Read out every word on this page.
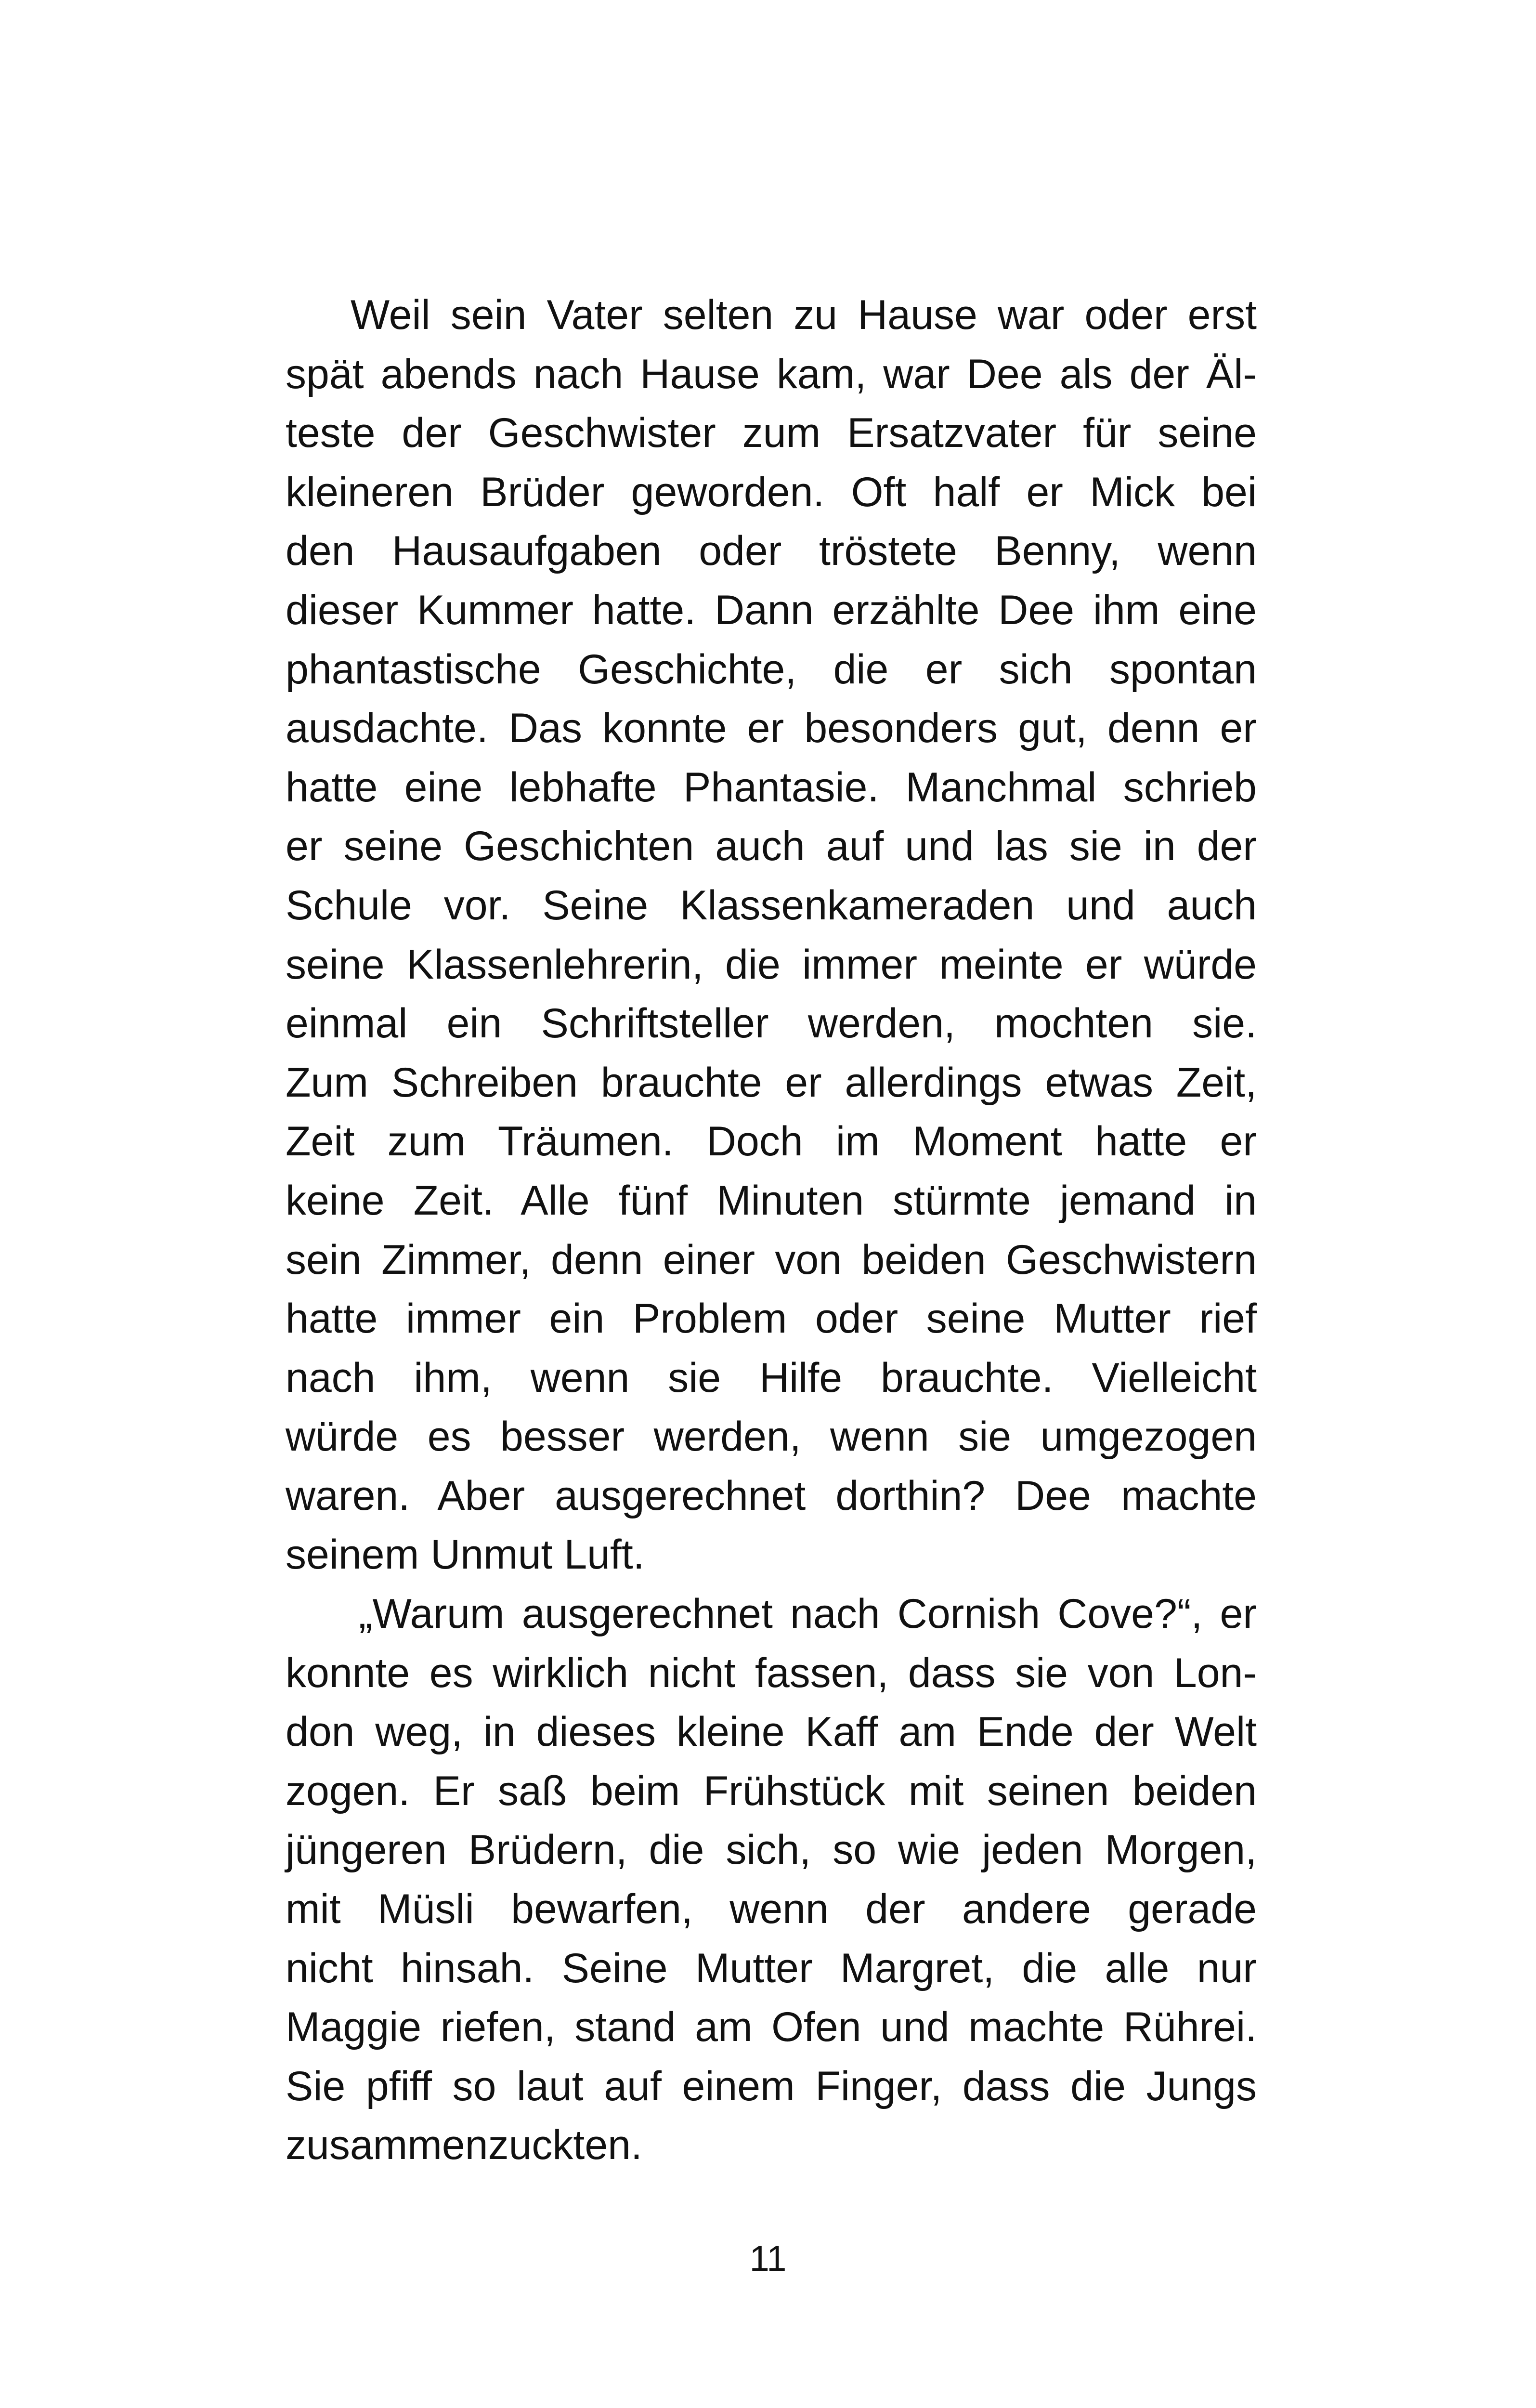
Weil sein Vater selten zu Hause war oder erst
spät abends nach Hause kam, war Dee als der Äl-
teste der Geschwister zum Ersatzvater für seine
kleineren Brüder geworden. Oft half er Mick bei
den Hausaufgaben oder tröstete Benny, wenn
dieser Kummer hatte. Dann erzählte Dee ihm eine
phantastische Geschichte, die er sich spontan
ausdachte. Das konnte er besonders gut, denn er
hatte eine lebhafte Phantasie. Manchmal schrieb
er seine Geschichten auch auf und las sie in der
Schule vor. Seine Klassenkameraden und auch
seine Klassenlehrerin, die immer meinte er würde
einmal ein Schriftsteller werden, mochten sie.
Zum Schreiben brauchte er allerdings etwas Zeit,
Zeit zum Träumen. Doch im Moment hatte er
keine Zeit. Alle fünf Minuten stürmte jemand in
sein Zimmer, denn einer von beiden Geschwistern
hatte immer ein Problem oder seine Mutter rief
nach ihm, wenn sie Hilfe brauchte. Vielleicht
würde es besser werden, wenn sie umgezogen
waren. Aber ausgerechnet dorthin? Dee machte
seinem Unmut Luft.
„Warum ausgerechnet nach Cornish Cove?“, er
konnte es wirklich nicht fassen, dass sie von Lon-
don weg, in dieses kleine Kaff am Ende der Welt
zogen. Er saß beim Frühstück mit seinen beiden
jüngeren Brüdern, die sich, so wie jeden Morgen,
mit Müsli bewarfen, wenn der andere gerade
nicht hinsah. Seine Mutter Margret, die alle nur
Maggie riefen, stand am Ofen und machte Rührei.
Sie pfiff so laut auf einem Finger, dass die Jungs
zusammenzuckten.
11
